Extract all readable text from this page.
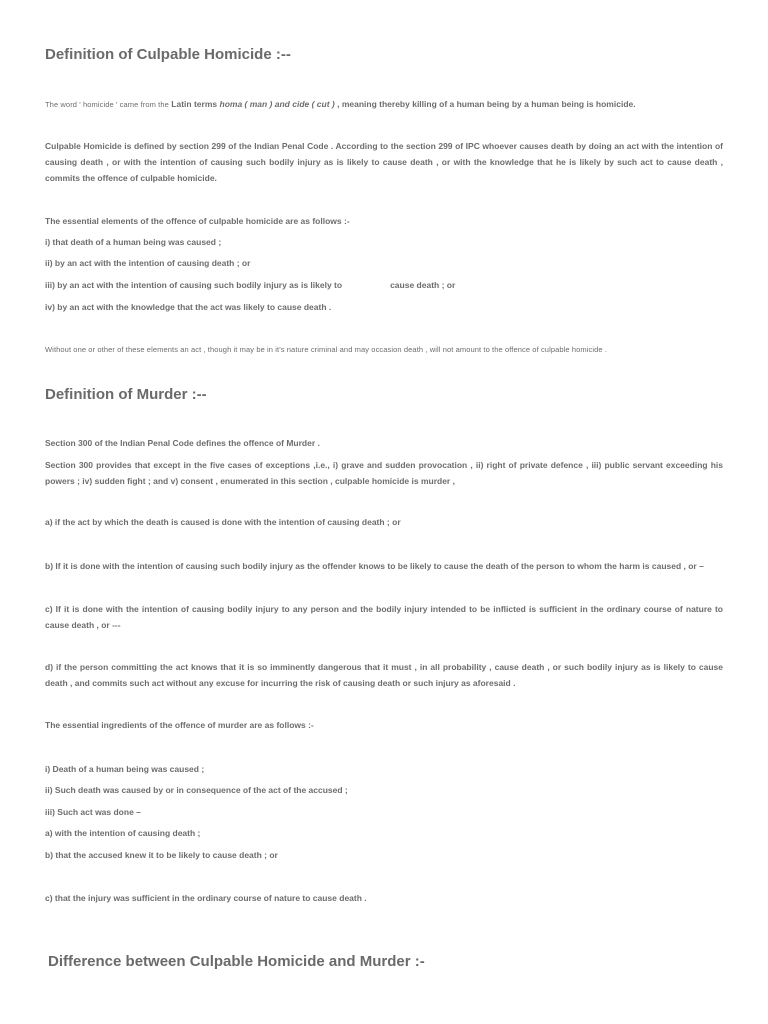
Definition of Culpable Homicide :--

The word ' homicide ' came from the Latin terms homa ( man ) and cide ( cut ) , meaning thereby killing of a human being by a human being is homicide.

Culpable Homicide is defined by section 299 of the Indian Penal Code . According to the section 299 of IPC whoever causes death by doing an act with the intention of causing death , or with the intention of causing such bodily injury as is likely to cause death , or with the knowledge that he is likely by such act to cause death , commits the offence of culpable homicide.

The essential elements of the offence of culpable homicide are as follows :-

i) that death of a human being was caused ;

ii) by an act with the intention of causing death ; or

iii) by an act with the intention of causing such bodily injury as is likely to	cause death ; or

iv) by an act with the knowledge that the act was likely to cause death .

Without one or other of these elements an act , though it may be in it's nature criminal and may occasion death , will not amount to the offence of culpable homicide .

Definition of Murder :--

Section 300 of the Indian Penal Code defines the offence of Murder .

Section 300 provides that except in the five cases of exceptions ,i.e., i) grave and sudden provocation , ii) right of private defence , iii) public servant exceeding his powers ; iv) sudden fight ; and v) consent , enumerated in this section , culpable homicide is murder ,

a) if the act by which the death is caused is done with the intention of causing death ; or

b) If it is done with the intention of causing such bodily injury as the offender knows to be likely to cause the death of the person to whom the harm is caused , or –

c) If it is done with the intention of causing bodily injury to any person and the bodily injury intended to be inflicted is sufficient in the ordinary course of nature to cause death , or ---

d) if the person committing the act knows that it is so imminently dangerous that it must , in all probability , cause death , or such bodily injury as is likely to cause death , and commits such act without any excuse for incurring the risk of causing death or such injury as aforesaid .

The essential ingredients of the offence of murder are as follows :-

i) Death of a human being was caused ;

ii) Such death was caused by or in consequence of the act of the accused ;

iii) Such act was done –

a) with the intention of causing death ;

b) that the accused knew it to be likely to cause death ; or

c) that the injury was sufficient in the ordinary course of nature to cause death .

Difference between Culpable Homicide and Murder :-
